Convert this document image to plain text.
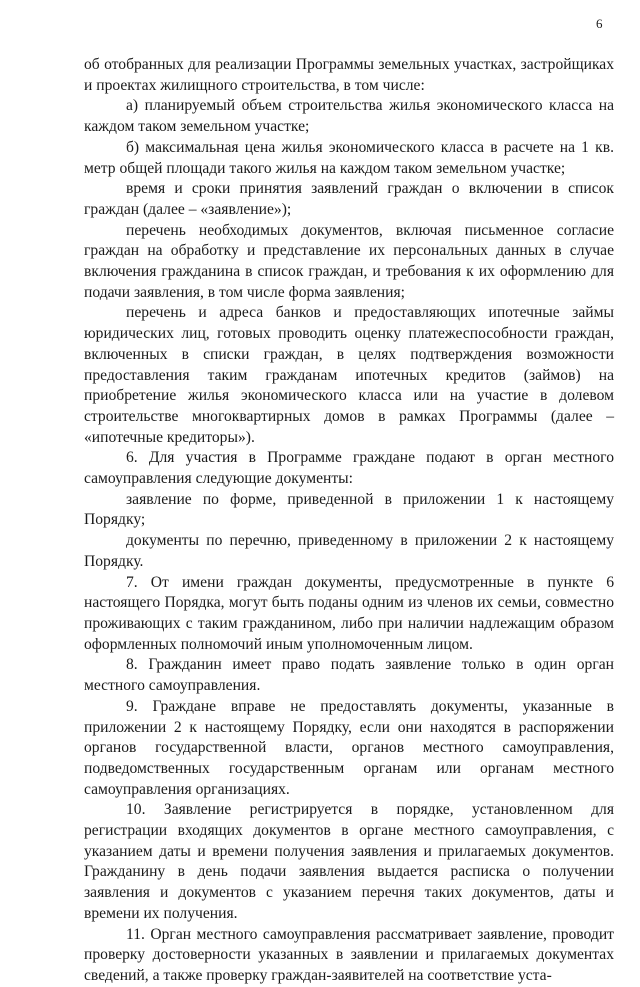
6

об отобранных для реализации Программы земельных участках, застройщиках и проектах жилищного строительства, в том числе:

а) планируемый объем строительства жилья экономического класса на каждом таком земельном участке;

б) максимальная цена жилья экономического класса в расчете на 1 кв. метр общей площади такого жилья на каждом таком земельном участке;

время и сроки принятия заявлений граждан о включении в список граждан (далее – «заявление»);

перечень необходимых документов, включая письменное согласие граждан на обработку и представление их персональных данных в случае включения гражданина в список граждан, и требования к их оформлению для подачи заявления, в том числе форма заявления;

перечень и адреса банков и предоставляющих ипотечные займы юридических лиц, готовых проводить оценку платежеспособности граждан, включенных в списки граждан, в целях подтверждения возможности предоставления таким гражданам ипотечных кредитов (займов) на приобретение жилья экономического класса или на участие в долевом строительстве многоквартирных домов в рамках Программы (далее – «ипотечные кредиторы»).

6. Для участия в Программе граждане подают в орган местного самоуправления следующие документы:

заявление по форме, приведенной в приложении 1 к настоящему Порядку;

документы по перечню, приведенному в приложении 2 к настоящему Порядку.

7. От имени граждан документы, предусмотренные в пункте 6 настоящего Порядка, могут быть поданы одним из членов их семьи, совместно проживающих с таким гражданином, либо при наличии надлежащим образом оформленных полномочий иным уполномоченным лицом.

8. Гражданин имеет право подать заявление только в один орган местного самоуправления.

9. Граждане вправе не предоставлять документы, указанные в приложении 2 к настоящему Порядку, если они находятся в распоряжении органов государственной власти, органов местного самоуправления, подведомственных государственным органам или органам местного самоуправления организациях.

10. Заявление регистрируется в порядке, установленном для регистрации входящих документов в органе местного самоуправления, с указанием даты и времени получения заявления и прилагаемых документов. Гражданину в день подачи заявления выдается расписка о получении заявления и документов с указанием перечня таких документов, даты и времени их получения.

11. Орган местного самоуправления рассматривает заявление, проводит проверку достоверности указанных в заявлении и прилагаемых документах сведений, а также проверку граждан-заявителей на соответствие уста-
